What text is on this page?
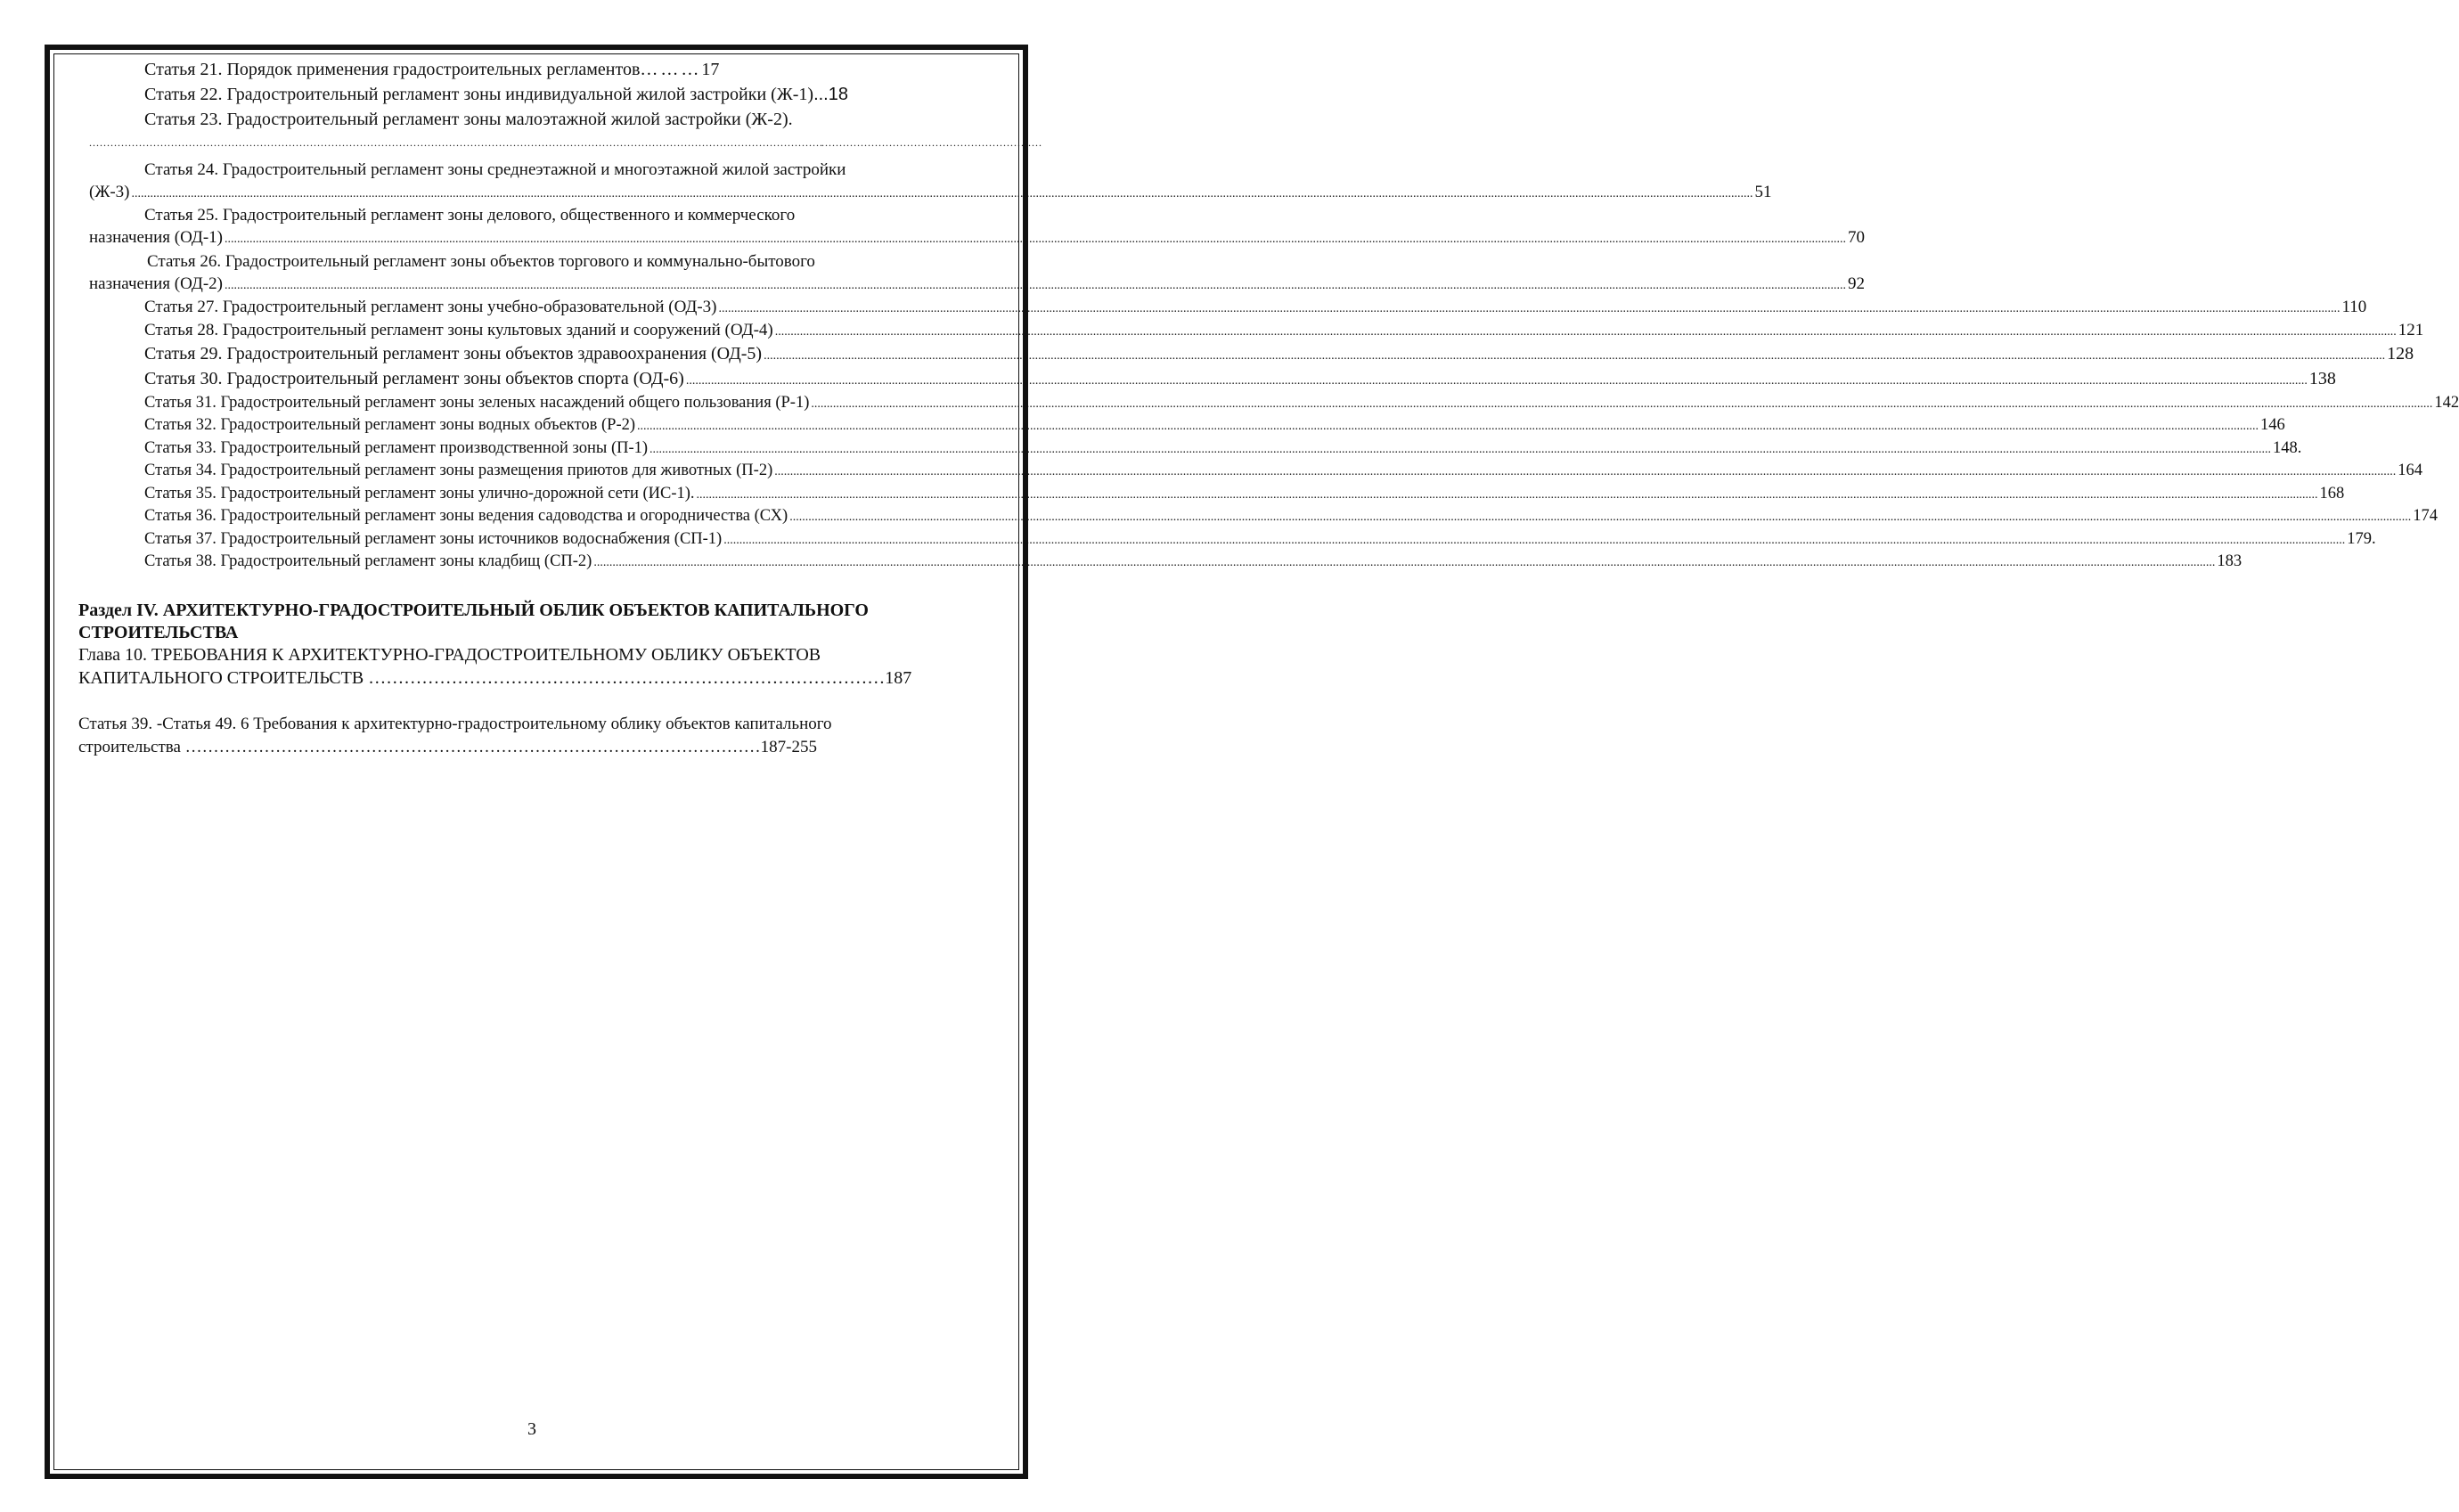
Статья 21. Порядок применения градостроительных регламентов………17
Статья 22. Градостроительный регламент зоны индивидуальной жилой застройки (Ж-1)...18
Статья 23. Градостроительный регламент зоны малоэтажной жилой застройки (Ж-2).
..............................................................................................................................................................................................................
..............................................................
Статья 24. Градостроительный регламент зоны среднеэтажной и многоэтажной жилой застройки
(Ж-3) .....	51
Статья 25. Градостроительный регламент зоны делового, общественного и коммерческого
назначения (ОД-1) .....	70
Статья 26. Градостроительный регламент зоны объектов торгового и коммунально-бытового
назначения (ОД-2) .....	92
Статья 27. Градостроительный регламент зоны учебно-образовательной (ОД-3) .....	110
Статья 28. Градостроительный регламент зоны культовых зданий и сооружений (ОД-4) .....	121
Статья 29. Градостроительный регламент зоны объектов здравоохранения (ОД-5) .....	128
Статья 30. Градостроительный регламент зоны объектов спорта (ОД-6) .....	138
Статья 31. Градостроительный регламент зоны зеленых насаждений общего пользования (Р-1) .....	142
Статья 32. Градостроительный регламент зоны водных объектов (Р-2) .....	146
Статья 33. Градостроительный регламент производственной зоны (П-1) .....	148.
Статья 34. Градостроительный регламент зоны размещения приютов для животных (П-2) .....	164
Статья 35. Градостроительный регламент зоны улично-дорожной сети (ИС-1). .....	168
Статья 36. Градостроительный регламент зоны ведения садоводства и огородничества (СХ) .....	174
Статья 37. Градостроительный регламент зоны источников водоснабжения (СП-1) .....	179.
Статья 38. Градостроительный регламент зоны кладбищ (СП-2) .....	183
Раздел IV. АРХИТЕКТУРНО-ГРАДОСТРОИТЕЛЬНЫЙ ОБЛИК ОБЪЕКТОВ КАПИТАЛЬНОГО
СТРОИТЕЛЬСТВА
Глава 10. ТРЕБОВАНИЯ К АРХИТЕКТУРНО-ГРАДОСТРОИТЕЛЬНОМУ ОБЛИКУ ОБЪЕКТОВ
КАПИТАЛЬНОГО СТРОИТЕЛЬСТВ ……………………………………………………………………………187
Статья 39. -Статья 49. 6 Требования к архитектурно-градостроительному облику объектов капитального
строительства …………………………………………………………………………………………187-255
3
